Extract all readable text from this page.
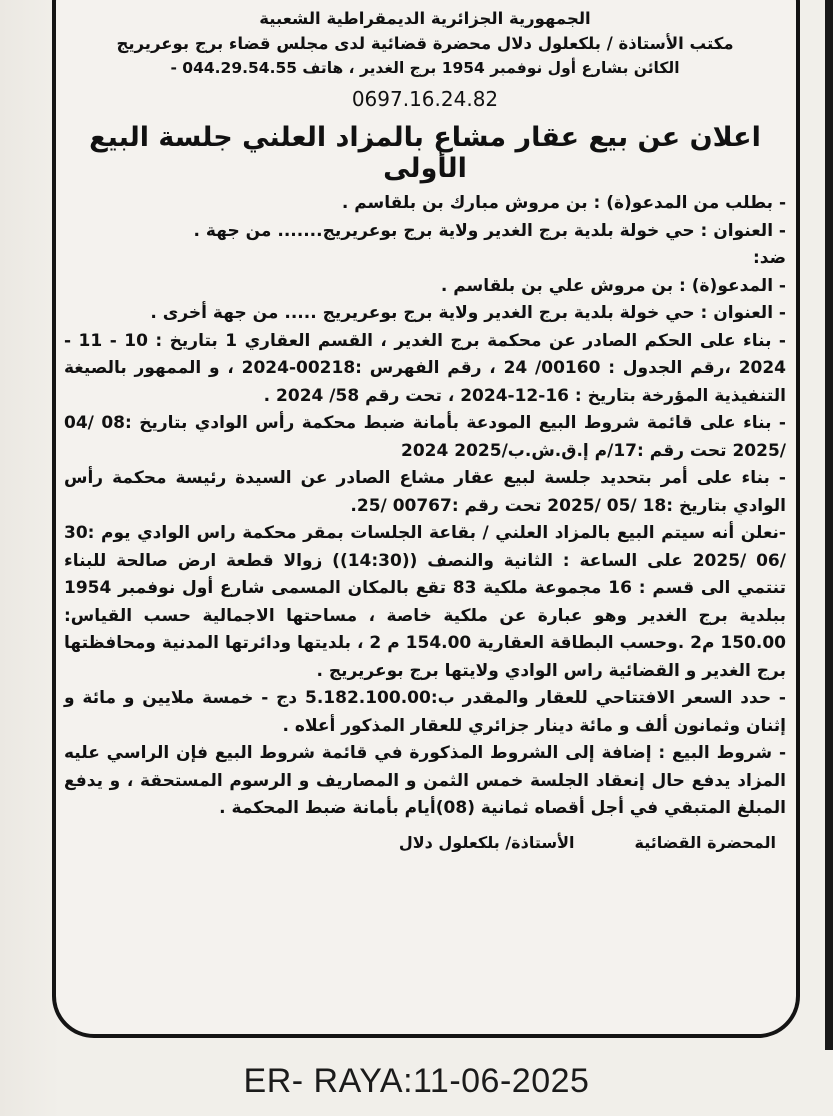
الجمهورية الجزائرية الديمقراطية الشعبية

مكتب الأستاذة / بلكعلول دلال محضرة قضائية لدى مجلس قضاء برج بوعريريج

الكائن بشارع أول نوفمبر 1954 برج الغدير ، هاتف 044.29.54.55 -

0697.16.24.82

اعلان عن بيع عقار مشاع بالمزاد العلني جلسة البيع الأولى

- بطلب من المدعو(ة) : بن مروش مبارك بن بلقاسم .

- العنوان : حي خولة بلدية برج الغدير ولاية برج بوعريريج....... من جهة .

ضد:

- المدعو(ة) : بن مروش علي بن بلقاسم .

- العنوان : حي خولة بلدية برج الغدير ولاية برج بوعريريج ..... من جهة أخرى .

- بناء على الحكم الصادر عن محكمة برج الغدير ، القسم العقاري 1 بتاريخ : 10 - 11 - 2024 ،رقم الجدول : 00160/ 24 ، رقم الفهرس :00218-2024 ، و الممهور بالصيغة التنفيذية المؤرخة بتاريخ : 16-12-2024 ، تحت رقم 58/ 2024 .

- بناء على قائمة شروط البيع المودعة بأمانة ضبط محكمة رأس الوادي بتاريخ :08 /04 /2025 تحت رقم :17/م إ.ق.ش.ب/2025 2024

- بناء على أمر بتحديد جلسة لبيع عقار مشاع الصادر عن السيدة رئيسة محكمة رأس الوادي بتاريخ :18 /05 /2025 تحت رقم :00767 /25.

-نعلن أنه سيتم البيع بالمزاد العلني / بقاعة الجلسات بمقر محكمة راس الوادي يوم :30 /06 /2025 على الساعة : الثانية والنصف ((14:30)) زوالا قطعة ارض صالحة للبناء تنتمي الى قسم : 16 مجموعة ملكية 83 تقع بالمكان المسمى شارع أول نوفمبر 1954 ببلدية برج الغدير وهو عبارة عن ملكية خاصة ، مساحتها الاجمالية حسب القياس: 150.00 م2 .وحسب البطاقة العقارية 154.00 م 2 ، بلديتها ودائرتها المدنية ومحافظتها برج الغدير و القضائية راس الوادي ولايتها برج بوعريريج .

- حدد السعر الافتتاحي للعقار والمقدر ب:5.182.100.00 دج - خمسة ملايين و مائة و إثنان وثمانون ألف و مائة دينار جزائري للعقار المذكور أعلاه .

- شروط البيع : إضافة إلى الشروط المذكورة في قائمة شروط البيع فإن الراسي عليه المزاد يدفع حال إنعقاد الجلسة خمس الثمن و المصاريف و الرسوم المستحقة ، و يدفع المبلغ المتبقي في أجل أقصاه ثمانية (08)أيام بأمانة ضبط المحكمة .

المحضرة القضائية
الأستاذة/ بلكعلول دلال
ER- RAYA:11-06-2025
